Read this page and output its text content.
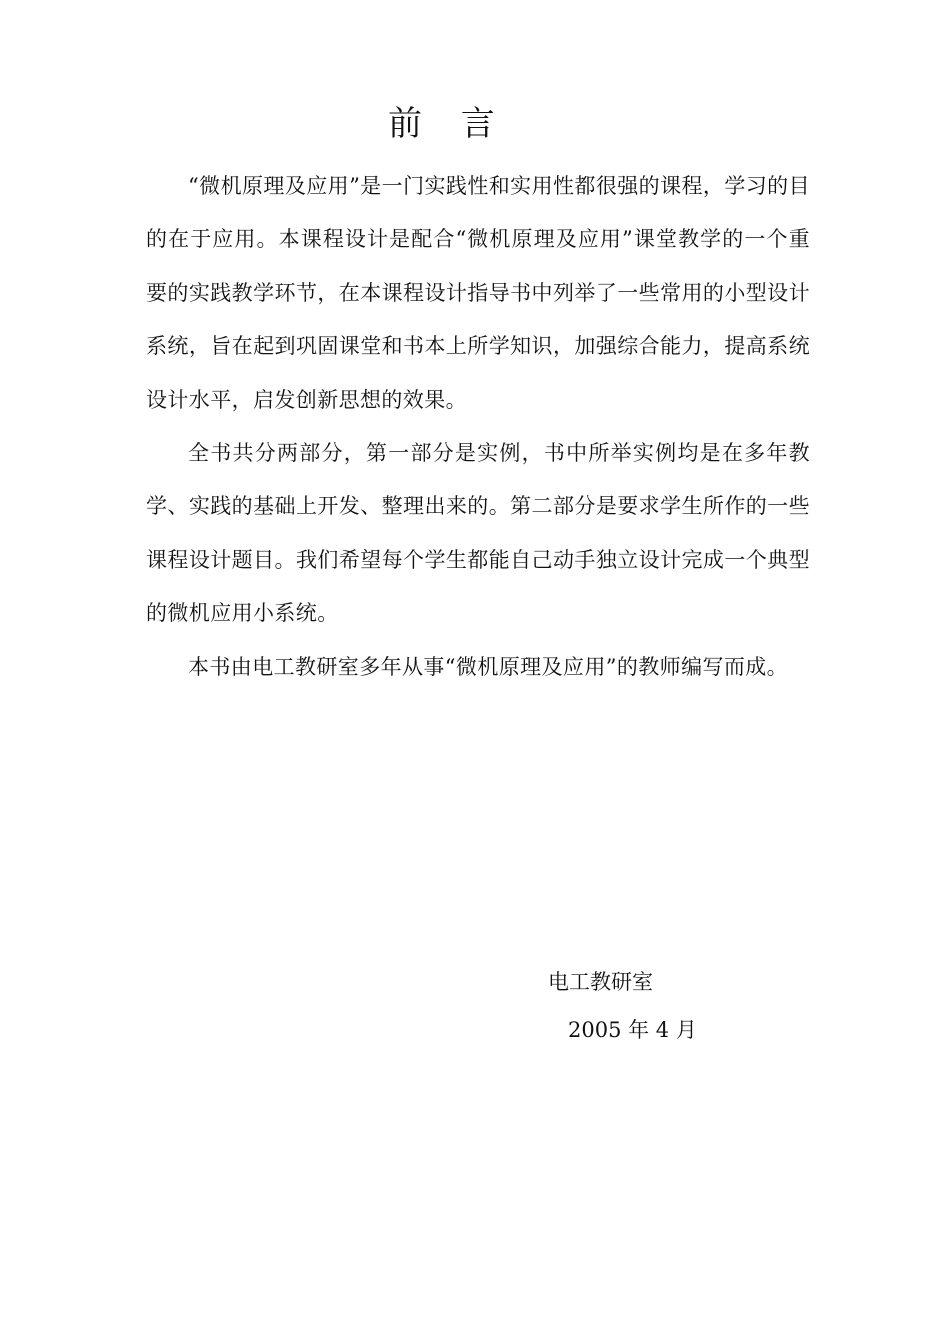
前 言

“微机原理及应用”是一门实践性和实用性都很强的课程，学习的目的在于应用。本课程设计是配合“微机原理及应用”课堂教学的一个重要的实践教学环节，在本课程设计指导书中列举了一些常用的小型设计系统，旨在起到巩固课堂和书本上所学知识，加强综合能力，提高系统设计水平，启发创新思想的效果。

全书共分两部分，第一部分是实例，书中所举实例均是在多年教学、实践的基础上开发、整理出来的。第二部分是要求学生所作的一些课程设计题目。我们希望每个学生都能自己动手独立设计完成一个典型的微机应用小系统。

本书由电工教研室多年从事“微机原理及应用”的教师编写而成。

电工教研室
2005 年 4 月
